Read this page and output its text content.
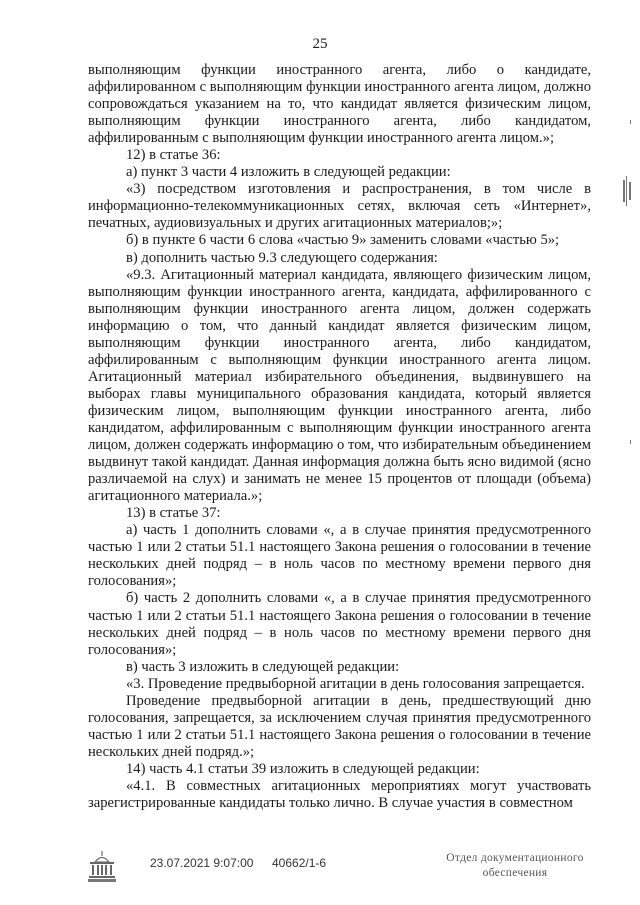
25

выполняющим функции иностранного агента, либо о кандидате, аффилированном с выполняющим функции иностранного агента лицом, должно сопровождаться указанием на то, что кандидат является физическим лицом, выполняющим функции иностранного агента, либо кандидатом, аффилированным с выполняющим функции иностранного агента лицом.»;

12) в статье 36:

а) пункт 3 части 4 изложить в следующей редакции:

«3) посредством изготовления и распространения, в том числе в информационно-телекоммуникационных сетях, включая сеть «Интернет», печатных, аудиовизуальных и других агитационных материалов;»;

б) в пункте 6 части 6 слова «частью 9» заменить словами «частью 5»;

в) дополнить частью 9.3 следующего содержания:

«9.3. Агитационный материал кандидата, являющего физическим лицом, выполняющим функции иностранного агента, кандидата, аффилированного с выполняющим функции иностранного агента лицом, должен содержать информацию о том, что данный кандидат является физическим лицом, выполняющим функции иностранного агента, либо кандидатом, аффилированным с выполняющим функции иностранного агента лицом. Агитационный материал избирательного объединения, выдвинувшего на выборах главы муниципального образования кандидата, который является физическим лицом, выполняющим функции иностранного агента, либо кандидатом, аффилированным с выполняющим функции иностранного агента лицом, должен содержать информацию о том, что избирательным объединением выдвинут такой кандидат. Данная информация должна быть ясно видимой (ясно различаемой на слух) и занимать не менее 15 процентов от площади (объема) агитационного материала.»;

13) в статье 37:

а) часть 1 дополнить словами «, а в случае принятия предусмотренного частью 1 или 2 статьи 51.1 настоящего Закона решения о голосовании в течение нескольких дней подряд – в ноль часов по местному времени первого дня голосования»;

б) часть 2 дополнить словами «, а в случае принятия предусмотренного частью 1 или 2 статьи 51.1 настоящего Закона решения о голосовании в течение нескольких дней подряд – в ноль часов по местному времени первого дня голосования»;

в) часть 3 изложить в следующей редакции:

«3. Проведение предвыборной агитации в день голосования запрещается.

Проведение предвыборной агитации в день, предшествующий дню голосования, запрещается, за исключением случая принятия предусмотренного частью 1 или 2 статьи 51.1 настоящего Закона решения о голосовании в течение нескольких дней подряд.»;

14) часть 4.1 статьи 39 изложить в следующей редакции:

«4.1. В совместных агитационных мероприятиях могут участвовать зарегистрированные кандидаты только лично. В случае участия в совместном

23.07.2021 9:07:00 40662/1-6	Отдел документационного
обеспечения
